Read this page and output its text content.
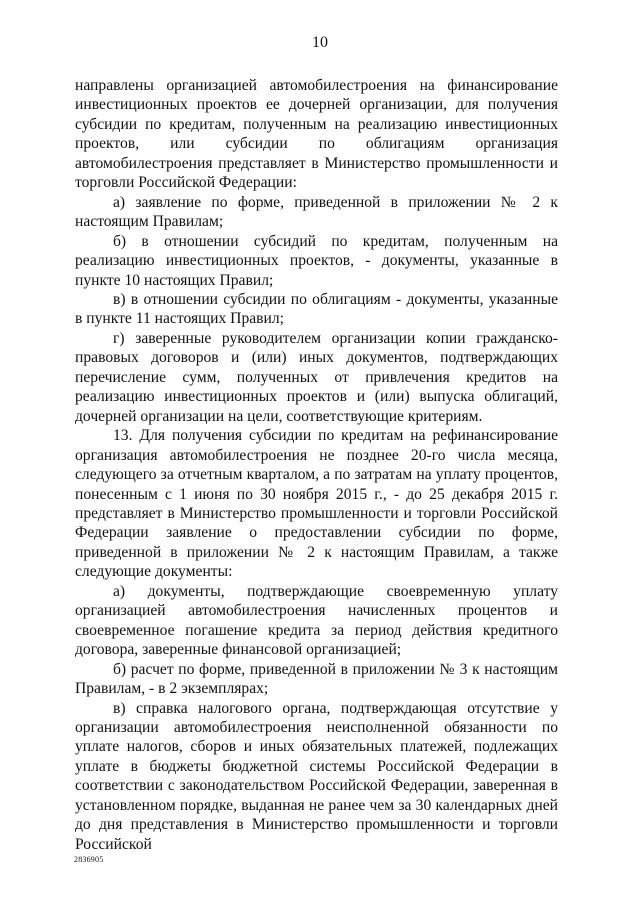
10

направлены организацией автомобилестроения на финансирование инвестиционных проектов ее дочерней организации, для получения субсидии по кредитам, полученным на реализацию инвестиционных проектов, или субсидии по облигациям организация автомобилестроения представляет в Министерство промышленности и торговли Российской Федерации:

а) заявление по форме, приведенной в приложении № 2 к настоящим Правилам;

б) в отношении субсидий по кредитам, полученным на реализацию инвестиционных проектов, - документы, указанные в пункте 10 настоящих Правил;

в) в отношении субсидии по облигациям - документы, указанные в пункте 11 настоящих Правил;

г) заверенные руководителем организации копии гражданско-правовых договоров и (или) иных документов, подтверждающих перечисление сумм, полученных от привлечения кредитов на реализацию инвестиционных проектов и (или) выпуска облигаций, дочерней организации на цели, соответствующие критериям.

13. Для получения субсидии по кредитам на рефинансирование организация автомобилестроения не позднее 20-го числа месяца, следующего за отчетным кварталом, а по затратам на уплату процентов, понесенным с 1 июня по 30 ноября 2015 г., - до 25 декабря 2015 г. представляет в Министерство промышленности и торговли Российской Федерации заявление о предоставлении субсидии по форме, приведенной в приложении № 2 к настоящим Правилам, а также следующие документы:

а) документы, подтверждающие своевременную уплату организацией автомобилестроения начисленных процентов и своевременное погашение кредита за период действия кредитного договора, заверенные финансовой организацией;

б) расчет по форме, приведенной в приложении № 3 к настоящим Правилам, - в 2 экземплярах;

в) справка налогового органа, подтверждающая отсутствие у организации автомобилестроения неисполненной обязанности по уплате налогов, сборов и иных обязательных платежей, подлежащих уплате в бюджеты бюджетной системы Российской Федерации в соответствии с законодательством Российской Федерации, заверенная в установленном порядке, выданная не ранее чем за 30 календарных дней до дня представления в Министерство промышленности и торговли Российской

2836905
